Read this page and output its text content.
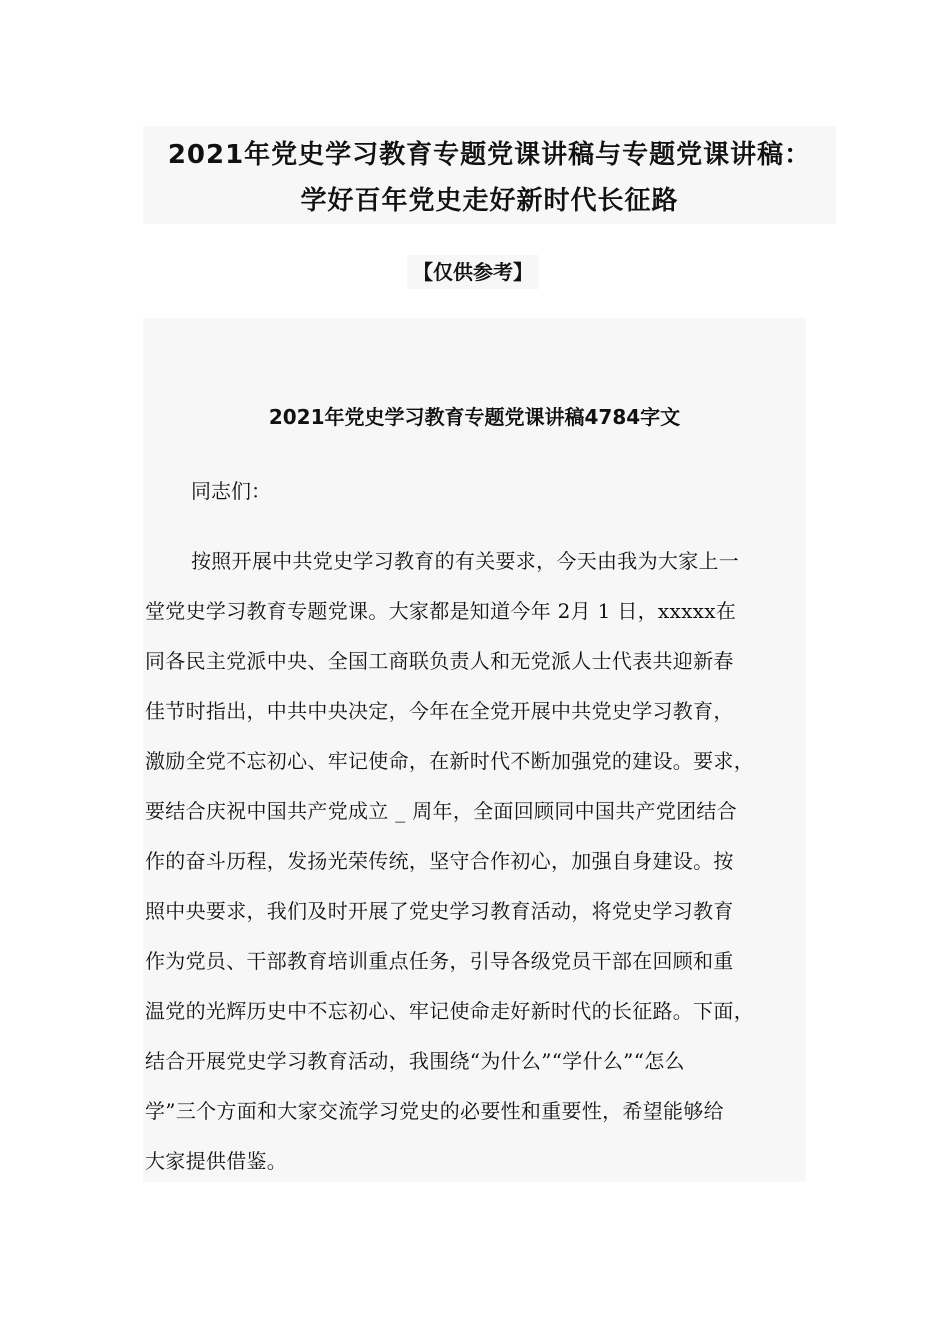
2021年党史学习教育专题党课讲稿与专题党课讲稿：
学好百年党史走好新时代长征路
【仅供参考】
2021年党史学习教育专题党课讲稿4784字文
同志们：
按照开展中共党史学习教育的有关要求，今天由我为大家上一
堂党史学习教育专题党课。大家都是知道今年 2月 1 日，xxxxx在
同各民主党派中央、全国工商联负责人和无党派人士代表共迎新春
佳节时指出，中共中央决定，今年在全党开展中共党史学习教育，
激励全党不忘初心、牢记使命，在新时代不断加强党的建设。要求，
要结合庆祝中国共产党成立 _ 周年，全面回顾同中国共产党团结合
作的奋斗历程，发扬光荣传统，坚守合作初心，加强自身建设。按
照中央要求，我们及时开展了党史学习教育活动，将党史学习教育
作为党员、干部教育培训重点任务，引导各级党员干部在回顾和重
温党的光辉历史中不忘初心、牢记使命走好新时代的长征路。下面，
结合开展党史学习教育活动，我围绕“为什么”“学什么”“怎么
学”三个方面和大家交流学习党史的必要性和重要性，希望能够给
大家提供借鉴。
